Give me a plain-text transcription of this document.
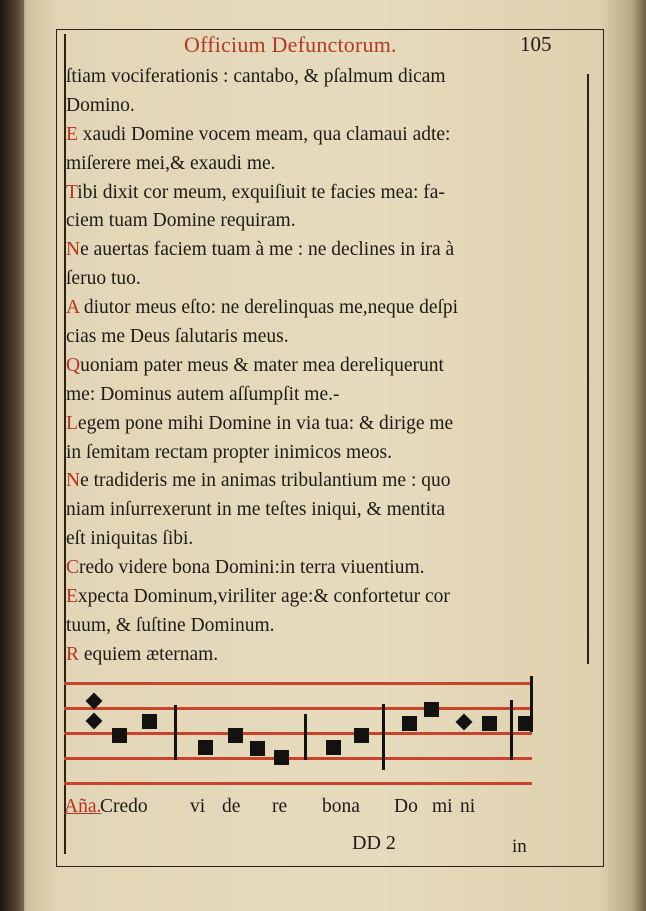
Officium Defunctorum.	105
ſtiam vociferationis : cantabo, & pſalmum dicam
Domino.
E xaudi Domine vocem meam, qua clamaui adte:
miſerere mei,& exaudi me.
Tibi dixit cor meum, exquiſiuit te facies mea: fa-
ciem tuam Domine requiram.
Ne auertas faciem tuam à me : ne declines in ira à
ſeruo tuo.
A diutor meus eſto: ne derelinquas me,neque deſpi
cias me Deus ſalutaris meus.
Quoniam pater meus & mater mea dereliquerunt
me: Dominus autem aſſumpſit me.-
Legem pone mihi Domine in via tua: & dirige me
in ſemitam rectam propter inimicos meos.
Ne tradideris me in animas tribulantium me : quo
niam inſurrexerunt in me teſtes iniqui, & mentita
eſt iniquitas ſibi.
Credo videre bona Domini:in terra viuentium.
Expecta Dominum,viriliter age:& confortetur cor
tuum, & ſuſtine Dominum.
R equiem æternam.
Aña.
Credo vi de re bona Do mi ni
DD 2	in
